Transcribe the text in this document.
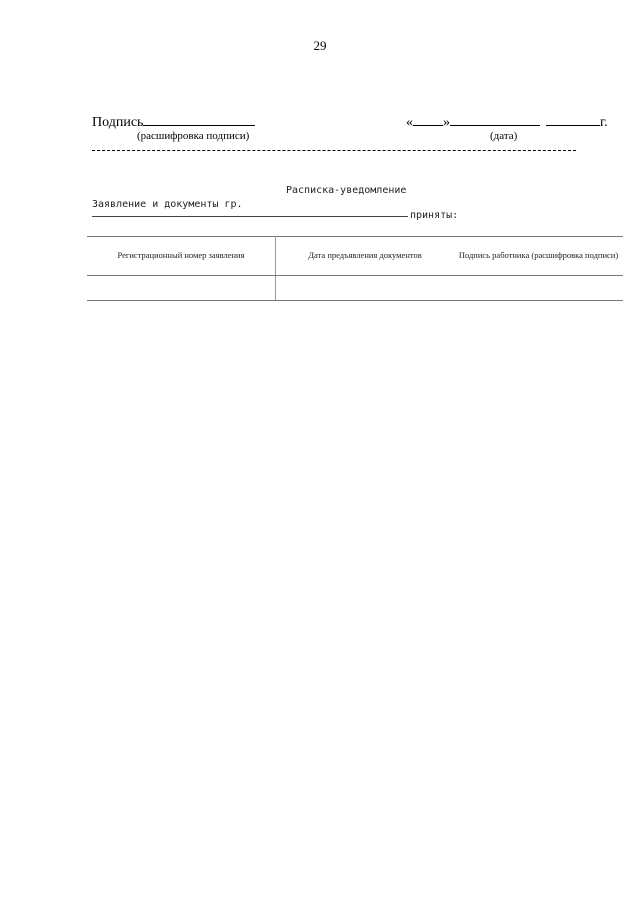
29
Подпись
(расшифровка подписи)
« »	г.
(дата)
Расписка-уведомление
Заявление и документы гр.
приняты:
Регистрационный номер заявления	Дата предъявления документов	Подпись работника (расшифровка подписи)
